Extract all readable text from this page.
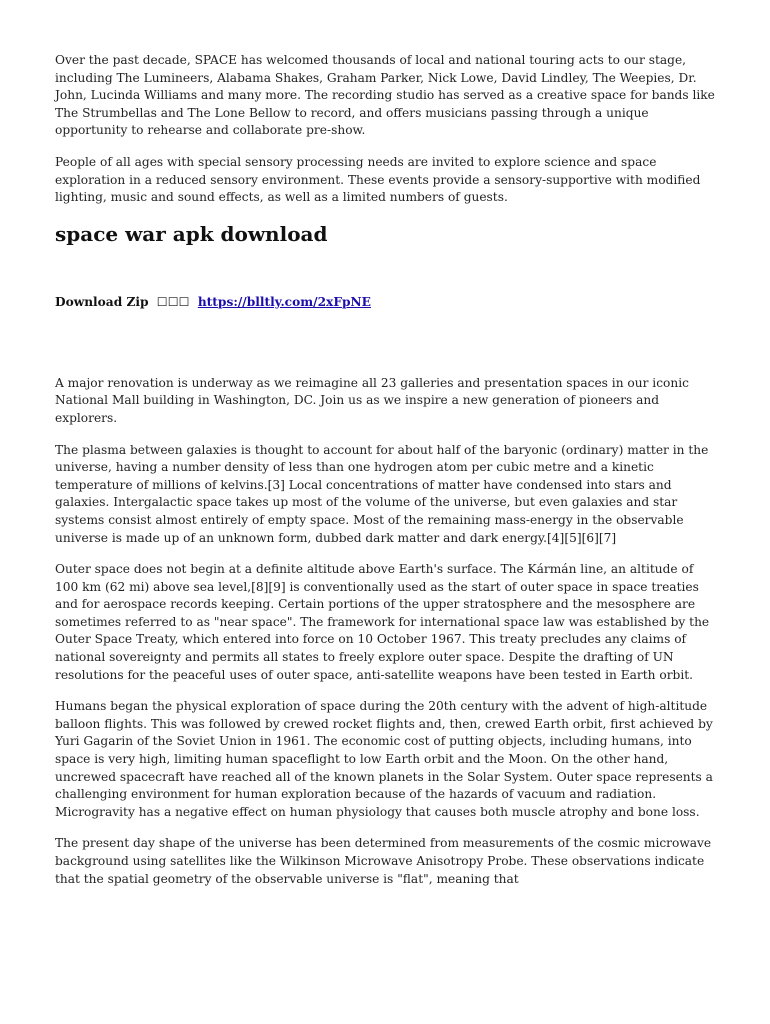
Over the past decade, SPACE has welcomed thousands of local and national touring acts to our stage, including The Lumineers, Alabama Shakes, Graham Parker, Nick Lowe, David Lindley, The Weepies, Dr. John, Lucinda Williams and many more. The recording studio has served as a creative space for bands like The Strumbellas and The Lone Bellow to record, and offers musicians passing through a unique opportunity to rehearse and collaborate pre-show.

People of all ages with special sensory processing needs are invited to explore science and space exploration in a reduced sensory environment. These events provide a sensory-supportive with modified lighting, music and sound effects, as well as a limited numbers of guests.

space war apk download
Download Zip ☐☐☐ https://blltly.com/2xFpNE

A major renovation is underway as we reimagine all 23 galleries and presentation spaces in our iconic National Mall building in Washington, DC. Join us as we inspire a new generation of pioneers and explorers.

The plasma between galaxies is thought to account for about half of the baryonic (ordinary) matter in the universe, having a number density of less than one hydrogen atom per cubic metre and a kinetic temperature of millions of kelvins.[3] Local concentrations of matter have condensed into stars and galaxies. Intergalactic space takes up most of the volume of the universe, but even galaxies and star systems consist almost entirely of empty space. Most of the remaining mass-energy in the observable universe is made up of an unknown form, dubbed dark matter and dark energy.[4][5][6][7]

Outer space does not begin at a definite altitude above Earth's surface. The Kármán line, an altitude of 100 km (62 mi) above sea level,[8][9] is conventionally used as the start of outer space in space treaties and for aerospace records keeping. Certain portions of the upper stratosphere and the mesosphere are sometimes referred to as "near space". The framework for international space law was established by the Outer Space Treaty, which entered into force on 10 October 1967. This treaty precludes any claims of national sovereignty and permits all states to freely explore outer space. Despite the drafting of UN resolutions for the peaceful uses of outer space, anti-satellite weapons have been tested in Earth orbit.

Humans began the physical exploration of space during the 20th century with the advent of high-altitude balloon flights. This was followed by crewed rocket flights and, then, crewed Earth orbit, first achieved by Yuri Gagarin of the Soviet Union in 1961. The economic cost of putting objects, including humans, into space is very high, limiting human spaceflight to low Earth orbit and the Moon. On the other hand, uncrewed spacecraft have reached all of the known planets in the Solar System. Outer space represents a challenging environment for human exploration because of the hazards of vacuum and radiation. Microgravity has a negative effect on human physiology that causes both muscle atrophy and bone loss.

The present day shape of the universe has been determined from measurements of the cosmic microwave background using satellites like the Wilkinson Microwave Anisotropy Probe. These observations indicate that the spatial geometry of the observable universe is "flat", meaning that
